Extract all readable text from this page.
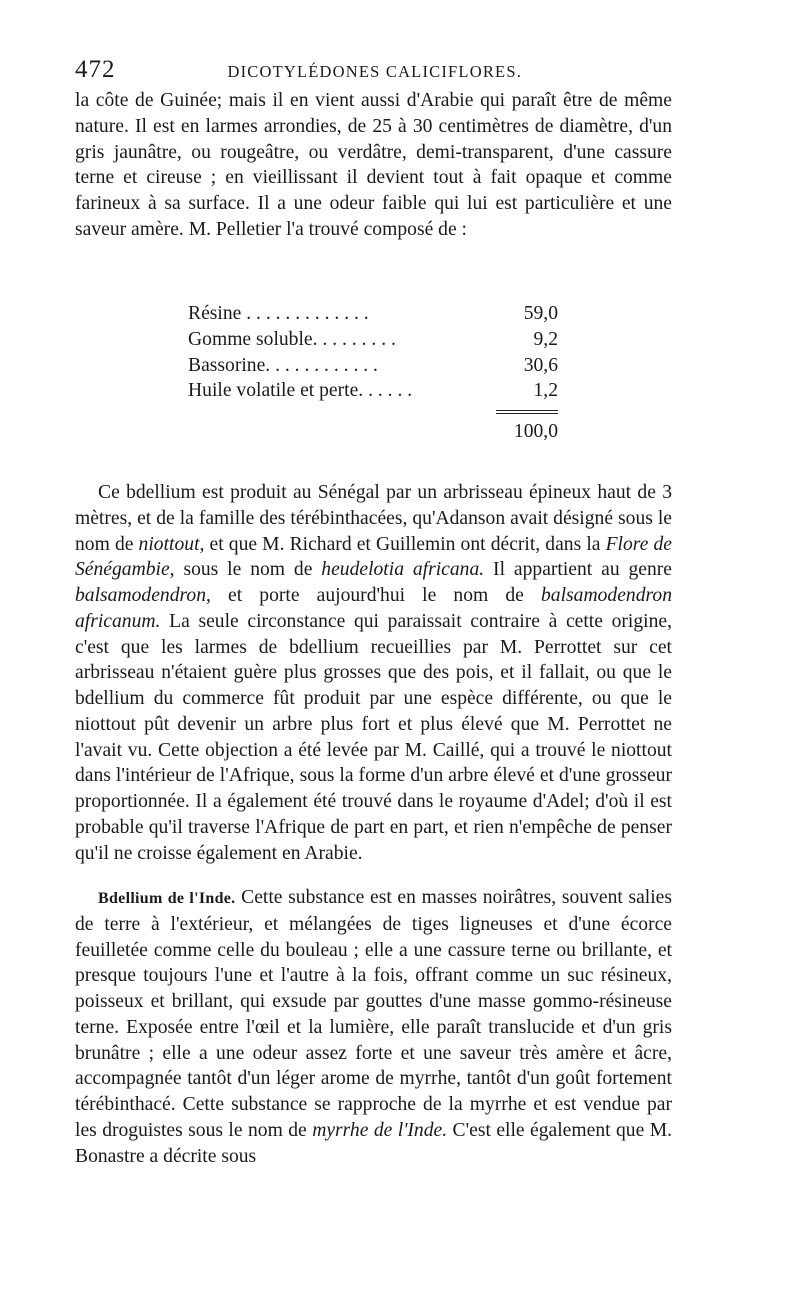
472	DICOTYLÉDONES CALICIFLORES.

la côte de Guinée; mais il en vient aussi d'Arabie qui paraît être de même nature. Il est en larmes arrondies, de 25 à 30 centimètres de diamètre, d'un gris jaunâtre, ou rougeâtre, ou verdâtre, demi-transparent, d'une cassure terne et cireuse ; en vieillissant il devient tout à fait opaque et comme farineux à sa surface. Il a une odeur faible qui lui est particulière et une saveur amère. M. Pelletier l'a trouvé composé de :

Résine . . . . . . . . . . . . .	59,0
Gomme soluble. . . . . . . . .	9,2
Bassorine. . . . . . . . . . . .	30,6
Huile volatile et perte. . . . . .	1,2
100,0
Ce bdellium est produit au Sénégal par un arbrisseau épineux haut de 3 mètres, et de la famille des térébinthacées, qu'Adanson avait désigné sous le nom de niottout, et que M. Richard et Guillemin ont décrit, dans la Flore de Sénégambie, sous le nom de heudelotia africana. Il appartient au genre balsamodendron, et porte aujourd'hui le nom de balsamodendron africanum. La seule circonstance qui paraissait contraire à cette origine, c'est que les larmes de bdellium recueillies par M. Perrottet sur cet arbrisseau n'étaient guère plus grosses que des pois, et il fallait, ou que le bdellium du commerce fût produit par une espèce différente, ou que le niottout pût devenir un arbre plus fort et plus élevé que M. Perrottet ne l'avait vu. Cette objection a été levée par M. Caillé, qui a trouvé le niottout dans l'intérieur de l'Afrique, sous la forme d'un arbre élevé et d'une grosseur proportionnée. Il a également été trouvé dans le royaume d'Adel; d'où il est probable qu'il traverse l'Afrique de part en part, et rien n'empêche de penser qu'il ne croisse également en Arabie.
Bdellium de l'Inde. Cette substance est en masses noirâtres, souvent salies de terre à l'extérieur, et mélangées de tiges ligneuses et d'une écorce feuilletée comme celle du bouleau ; elle a une cassure terne ou brillante, et presque toujours l'une et l'autre à la fois, offrant comme un suc résineux, poisseux et brillant, qui exsude par gouttes d'une masse gommo-résineuse terne. Exposée entre l'œil et la lumière, elle paraît translucide et d'un gris brunâtre ; elle a une odeur assez forte et une saveur très amère et âcre, accompagnée tantôt d'un léger arome de myrrhe, tantôt d'un goût fortement térébinthacé. Cette substance se rapproche de la myrrhe et est vendue par les droguistes sous le nom de myrrhe de l'Inde. C'est elle également que M. Bonastre a décrite sous
